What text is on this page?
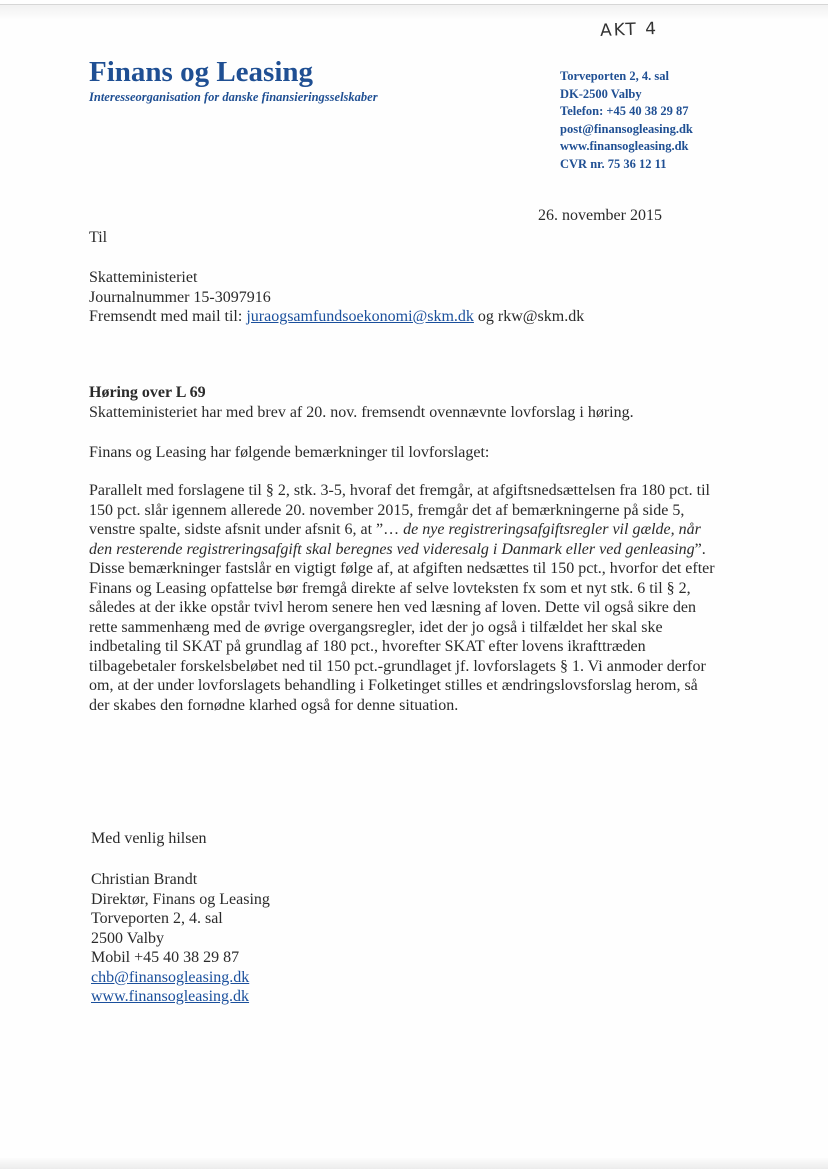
AKT 4
Finans og Leasing

Interesseorganisation for danske finansieringsselskaber

Torveporten 2, 4. sal
DK-2500 Valby
Telefon: +45 40 38 29 87
post@finansogleasing.dk
www.finansogleasing.dk
CVR nr. 75 36 12 11
26. november 2015
Til
Skatteministeriet
Journalnummer 15-3097916
Fremsendt med mail til: juraogsamfundsoekonomi@skm.dk og rkw@skm.dk
Høring over L 69

Skatteministeriet har med brev af 20. nov. fremsendt ovennævnte lovforslag i høring.

Finans og Leasing har følgende bemærkninger til lovforslaget:

Parallelt med forslagene til § 2, stk. 3-5, hvoraf det fremgår, at afgiftsnedsættelsen fra 180 pct. til 150 pct. slår igennem allerede 20. november 2015, fremgår det af bemærkningerne på side 5, venstre spalte, sidste afsnit under afsnit 6, at ”… de nye registreringsafgiftsregler vil gælde, når den resterende registreringsafgift skal beregnes ved videresalg i Danmark eller ved genleasing”. Disse bemærkninger fastslår en vigtigt følge af, at afgiften nedsættes til 150 pct., hvorfor det efter Finans og Leasing opfattelse bør fremgå direkte af selve lovteksten fx som et nyt stk. 6 til § 2, således at der ikke opstår tvivl herom senere hen ved læsning af loven. Dette vil også sikre den rette sammenhæng med de øvrige overgangsregler, idet der jo også i tilfældet her skal ske indbetaling til SKAT på grundlag af 180 pct., hvorefter SKAT efter lovens ikrafttræden tilbagebetaler forskelsbeløbet ned til 150 pct.-grundlaget jf. lovforslagets § 1. Vi anmoder derfor om, at der under lovforslagets behandling i Folketinget stilles et ændringslovsforslag herom, så der skabes den fornødne klarhed også for denne situation.

Med venlig hilsen
Christian Brandt
Direktør, Finans og Leasing
Torveporten 2, 4. sal
2500 Valby
Mobil +45 40 38 29 87
chb@finansogleasing.dk
www.finansogleasing.dk
